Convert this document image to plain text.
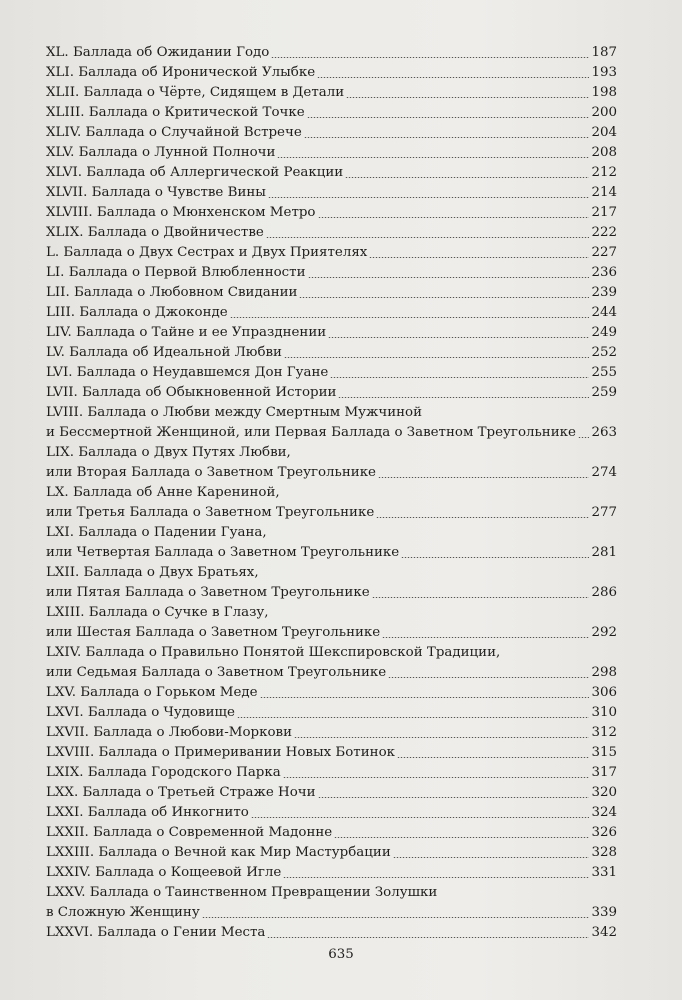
XL. Баллада об Ожидании Годо	187
XLI. Баллада об Иронической Улыбке	193
XLII. Баллада о Чёрте, Сидящем в Детали	198
XLIII. Баллада о Критической Точке	200
XLIV. Баллада о Случайной Встрече	204
XLV. Баллада о Лунной Полночи	208
XLVI. Баллада об Аллергической Реакции	212
XLVII. Баллада о Чувстве Вины	214
XLVIII. Баллада о Мюнхенском Метро	217
XLIX. Баллада о Двойничестве	222
L. Баллада о Двух Сестрах и Двух Приятелях	227
LI. Баллада о Первой Влюбленности	236
LII. Баллада о Любовном Свидании	239
LIII. Баллада о Джоконде	244
LIV. Баллада о Тайне и ее Упразднении	249
LV. Баллада об Идеальной Любви	252
LVI. Баллада о Неудавшемся Дон Гуане	255
LVII. Баллада об Обыкновенной Истории	259
LVIII. Баллада о Любви между Смертным Мужчиной
и Бессмертной Женщиной, или Первая Баллада о Заветном Треугольнике 263
LIX. Баллада о Двух Путях Любви,
или Вторая Баллада о Заветном Треугольнике	274
LX. Баллада об Анне Карениной,
или Третья Баллада о Заветном Треугольнике	277
LXI. Баллада о Падении Гуана,
или Четвертая Баллада о Заветном Треугольнике	281
LXII. Баллада о Двух Братьях,
или Пятая Баллада о Заветном Треугольнике	286
LXIII. Баллада о Сучке в Глазу,
или Шестая Баллада о Заветном Треугольнике	292
LXIV. Баллада о Правильно Понятой Шекспировской Традиции,
или Седьмая Баллада о Заветном Треугольнике	298
LXV. Баллада о Горьком Меде	306
LXVI. Баллада о Чудовище	310
LXVII. Баллада о Любови-Моркови	312
LXVIII. Баллада о Примеривании Новых Ботинок	315
LXIX. Баллада Городского Парка	317
LXX. Баллада о Третьей Страже Ночи	320
LXXI. Баллада об Инкогнито	324
LXXII. Баллада о Современной Мадонне	326
LXXIII. Баллада о Вечной как Мир Мастурбации	328
LXXIV. Баллада о Кощеевой Игле	331
LXXV. Баллада о Таинственном Превращении Золушки
в Сложную Женщину	339
LXXVI. Баллада о Гении Места	342
635
